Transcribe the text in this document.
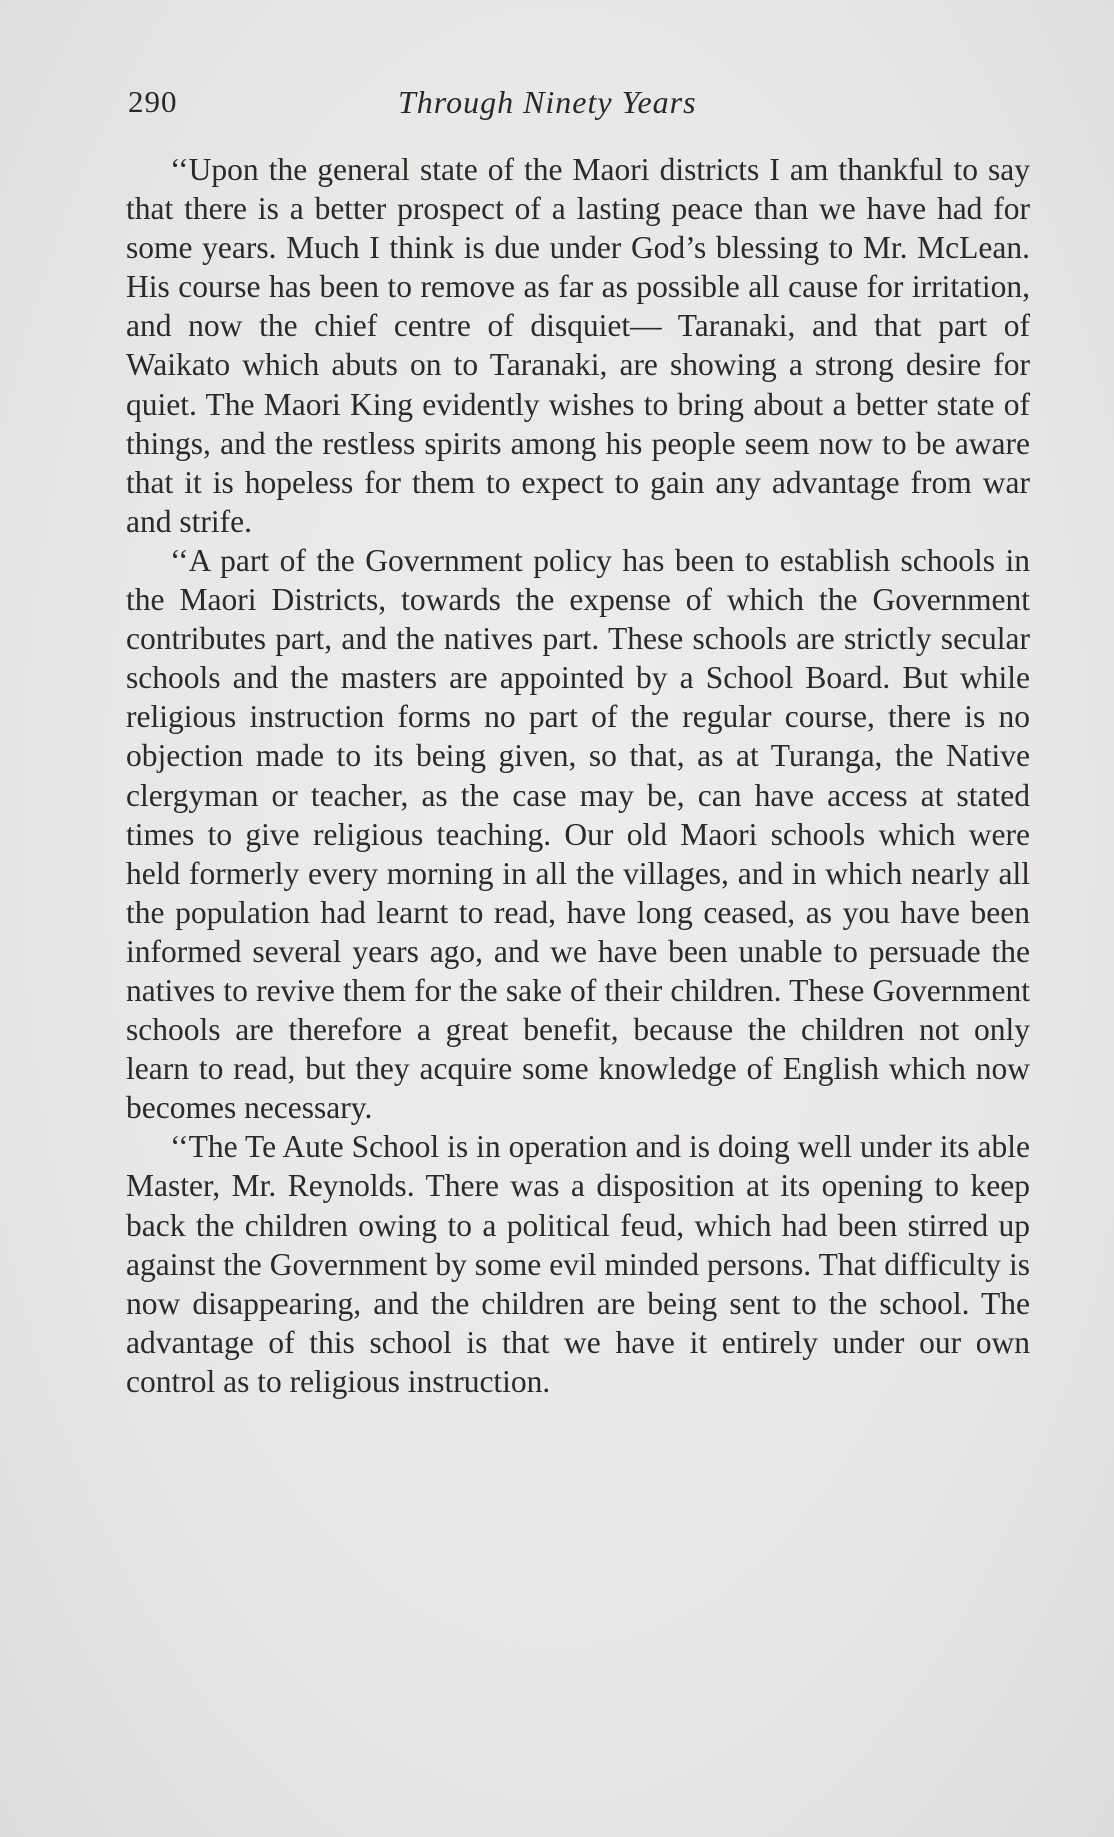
290	Through Ninety Years

‘‘Upon the general state of the Maori districts I am thankful to say that there is a better prospect of a lasting peace than we have had for some years. Much I think is due under God’s blessing to Mr. McLean. His course has been to remove as far as possible all cause for irritation, and now the chief centre of disquiet— Taranaki, and that part of Waikato which abuts on to Taranaki, are showing a strong desire for quiet. The Maori King evidently wishes to bring about a better state of things, and the restless spirits among his people seem now to be aware that it is hopeless for them to expect to gain any advantage from war and strife.

‘‘A part of the Government policy has been to establish schools in the Maori Districts, towards the expense of which the Government contributes part, and the natives part. These schools are strictly secular schools and the masters are appointed by a School Board. But while religious instruction forms no part of the regular course, there is no objection made to its being given, so that, as at Turanga, the Native clergyman or teacher, as the case may be, can have access at stated times to give religious teaching. Our old Maori schools which were held formerly every morning in all the villages, and in which nearly all the population had learnt to read, have long ceased, as you have been informed several years ago, and we have been unable to persuade the natives to revive them for the sake of their children. These Government schools are therefore a great benefit, because the children not only learn to read, but they acquire some knowledge of English which now becomes necessary.

‘‘The Te Aute School is in operation and is doing well under its able Master, Mr. Reynolds. There was a disposition at its opening to keep back the children owing to a political feud, which had been stirred up against the Government by some evil minded persons. That difficulty is now disappearing, and the children are being sent to the school. The advantage of this school is that we have it entirely under our own control as to religious instruction.
